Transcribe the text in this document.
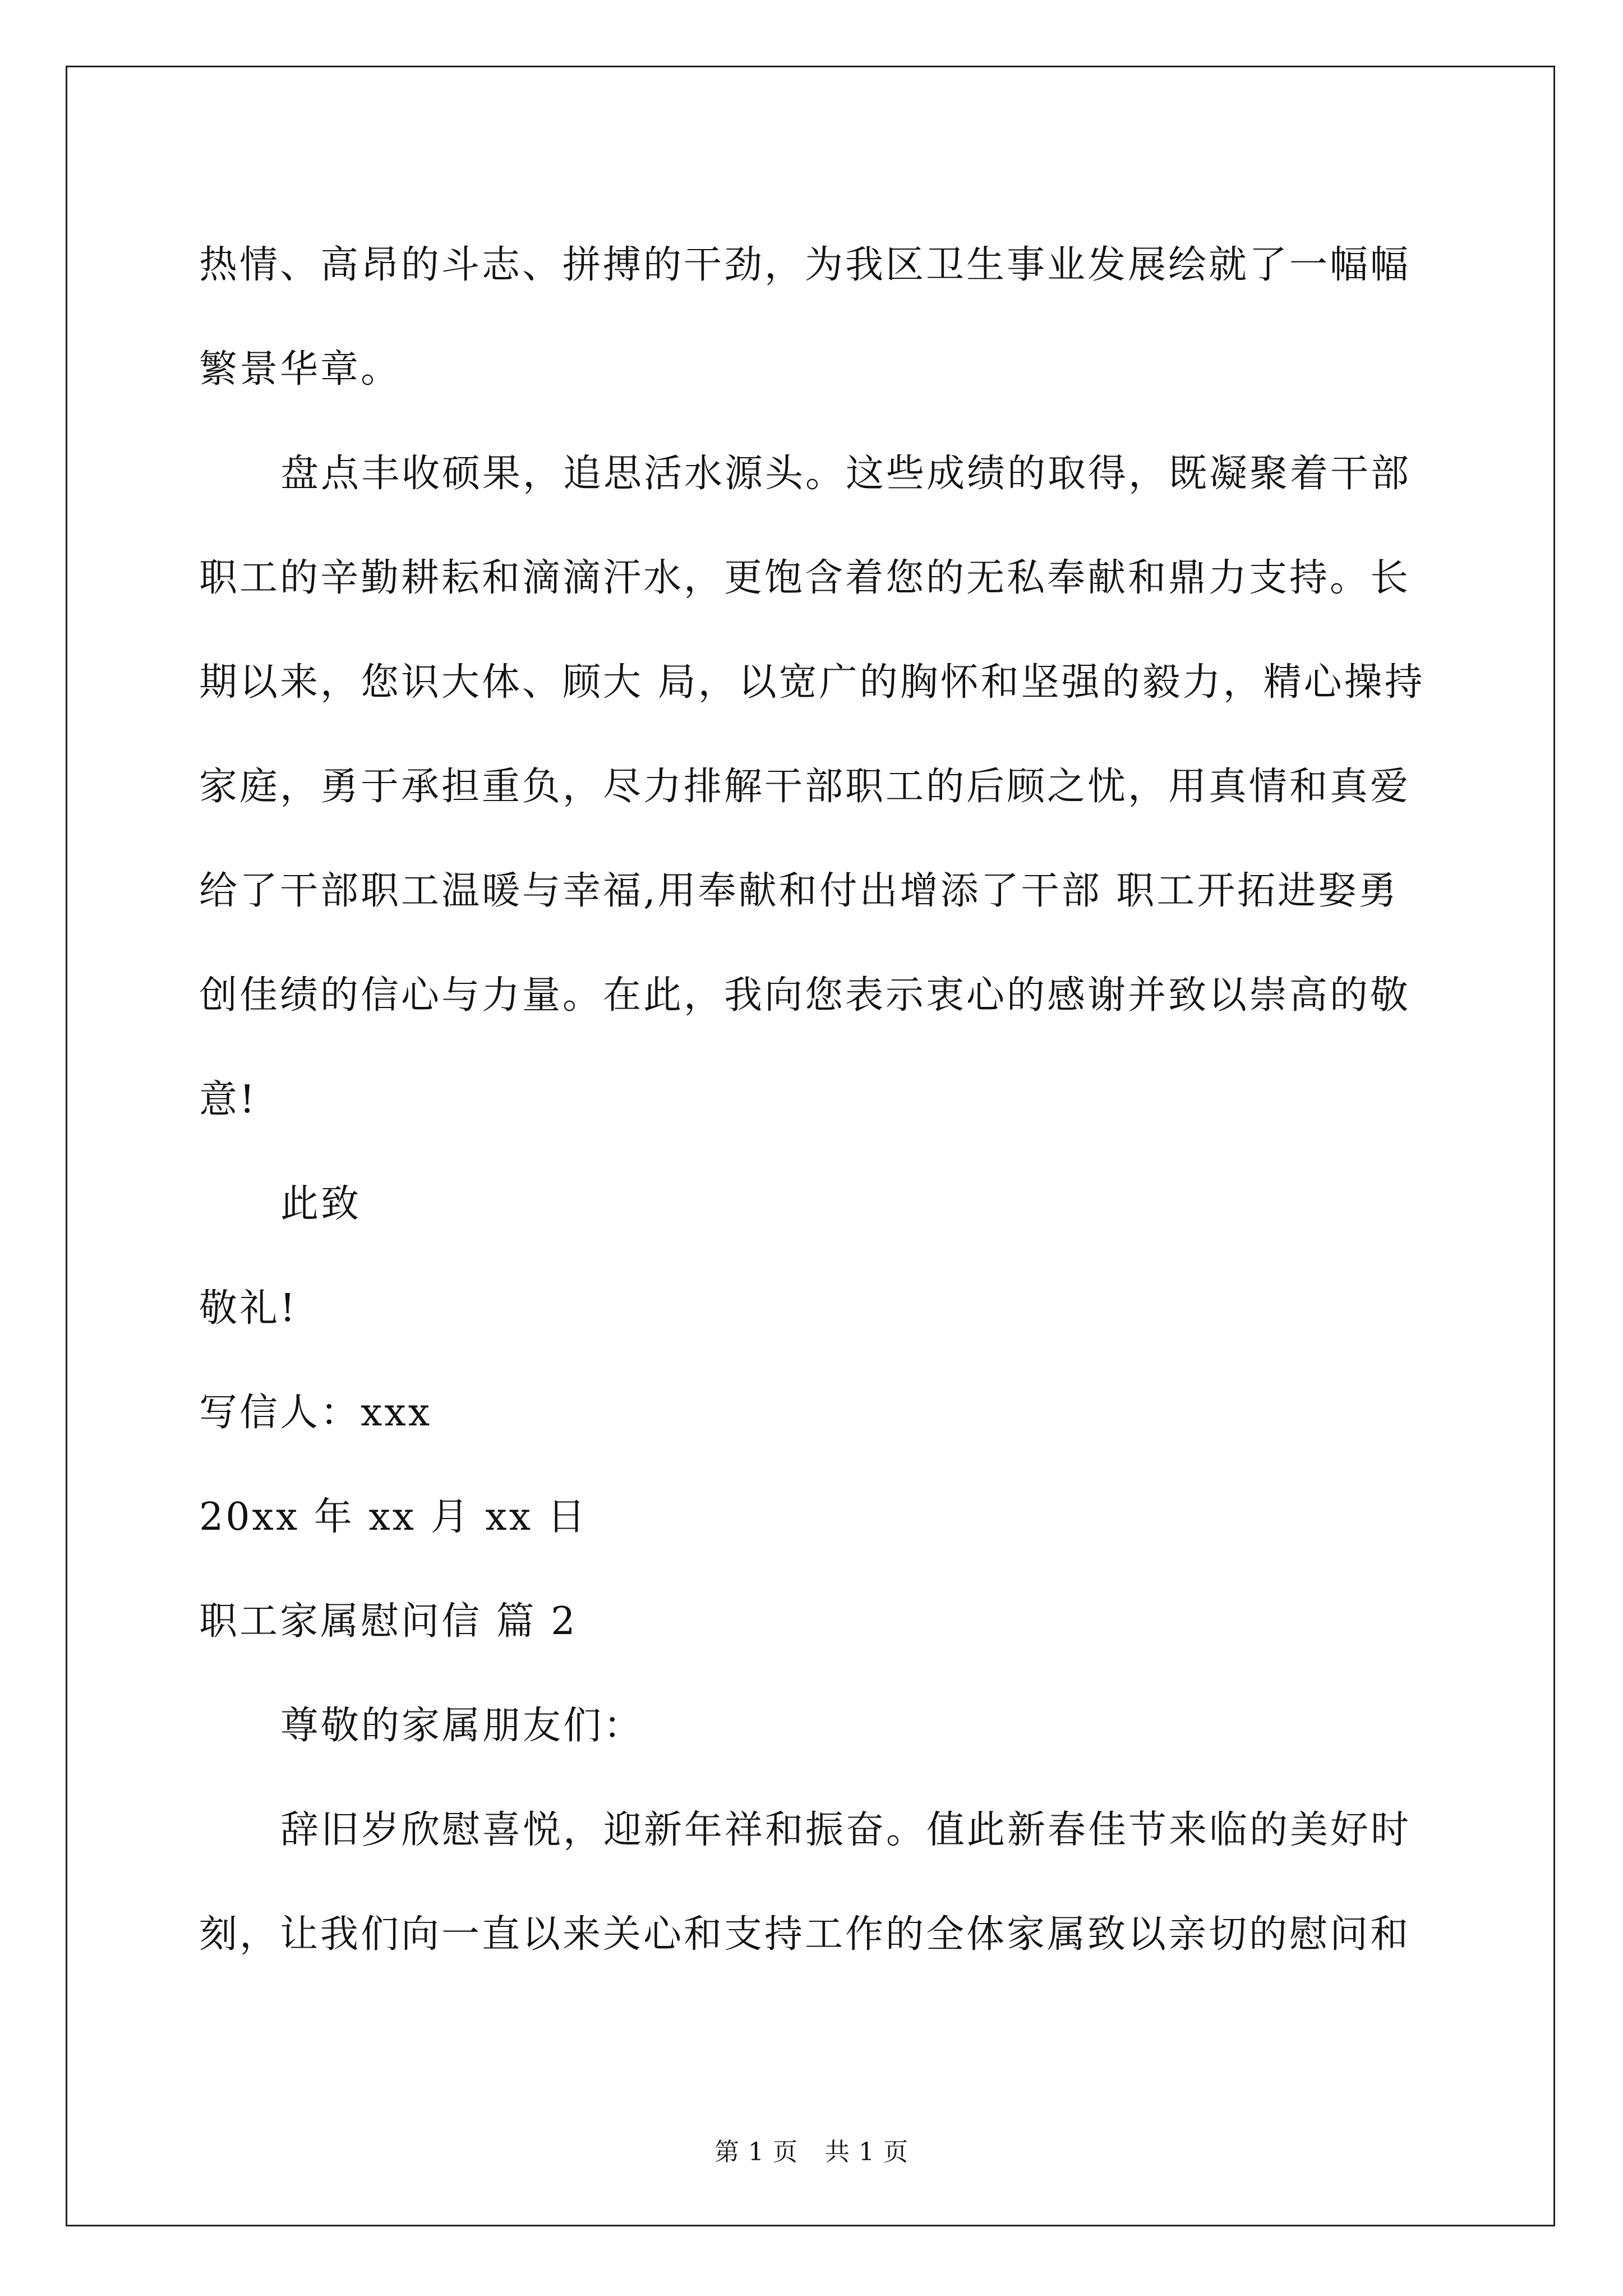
热情、高昂的斗志、拼搏的干劲，为我区卫生事业发展绘就了一幅幅
繁景华章。
盘点丰收硕果，追思活水源头。这些成绩的取得，既凝聚着干部
职工的辛勤耕耘和滴滴汗水，更饱含着您的无私奉献和鼎力支持。长
期以来，您识大体、顾大 局，以宽广的胸怀和坚强的毅力，精心操持
家庭，勇于承担重负，尽力排解干部职工的后顾之忧，用真情和真爱
给了干部职工温暖与幸福,用奉献和付出增添了干部 职工开拓进娶勇
创佳绩的信心与力量。在此，我向您表示衷心的感谢并致以崇高的敬
意!
此致
敬礼!
写信人：xxx
20xx 年 xx 月 xx 日
职工家属慰问信 篇 2
尊敬的家属朋友们：
辞旧岁欣慰喜悦，迎新年祥和振奋。值此新春佳节来临的美好时
刻，让我们向一直以来关心和支持工作的全体家属致以亲切的慰问和
第 1 页 共 1 页
